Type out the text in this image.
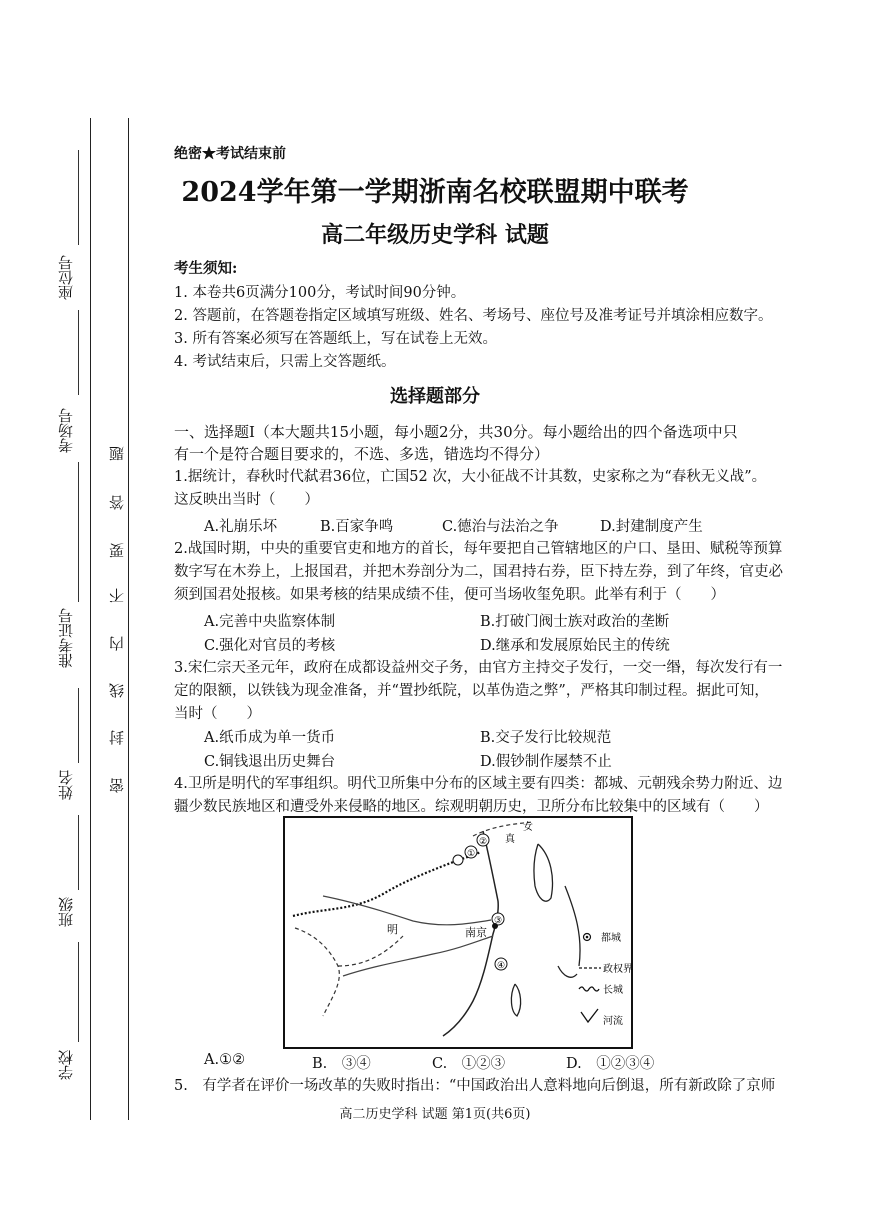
座位号
考场号
准考证号
姓名
班级
学校
题
答
要
不
内
线
封
密
绝密★考试结束前
2024学年第一学期浙南名校联盟期中联考
高二年级历史学科 试题
考生须知:
1. 本卷共6页满分100分，考试时间90分钟。
2. 答题前，在答题卷指定区域填写班级、姓名、考场号、座位号及准考证号并填涂相应数字。
3. 所有答案必须写在答题纸上，写在试卷上无效。
4. 考试结束后，只需上交答题纸。
选择题部分
一、选择题Ⅰ（本大题共15小题，每小题2分，共30分。每小题给出的四个备选项中只
有一个是符合题目要求的，不选、多选，错选均不得分）
1.据统计，春秋时代弑君36位，亡国52 次，大小征战不计其数，史家称之为“春秋无义战”。
这反映出当时（　　）
A.礼崩乐坏	B.百家争鸣	C.德治与法治之争	D.封建制度产生
2.战国时期，中央的重要官吏和地方的首长，每年要把自己管辖地区的户口、垦田、赋税等预算
数字写在木券上，上报国君，并把木券剖分为二，国君持右券，臣下持左券，到了年终，官吏必
须到国君处报核。如果考核的结果成绩不佳，便可当场收玺免职。此举有利于（　　）
A.完善中央监察体制	B.打破门阀士族对政治的垄断
C.强化对官员的考核	D.继承和发展原始民主的传统
3.宋仁宗天圣元年，政府在成都设益州交子务，由官方主持交子发行，一交一缗，每次发行有一
定的限额，以铁钱为现金准备，并“置抄纸院，以革伪造之弊”，严格其印制过程。据此可知，
当时（　　）
A.纸币成为单一货币	B.交子发行比较规范
C.铜钱退出历史舞台	D.假钞制作屡禁不止
4.卫所是明代的军事组织。明代卫所集中分布的区域主要有四类：都城、元朝残余势力附近、边
疆少数民族地区和遭受外来侵略的地区。综观明朝历史，卫所分布比较集中的区域有（　　）
明	南京
女
真
②
①
③
④
都城
政权界
长城
河流
A.①②	B.　③④	C.　①②③	D.　①②③④
5.　有学者在评价一场改革的失败时指出：“中国政治出人意料地向后倒退，所有新政除了京师
高二历史学科 试题 第1页(共6页)
